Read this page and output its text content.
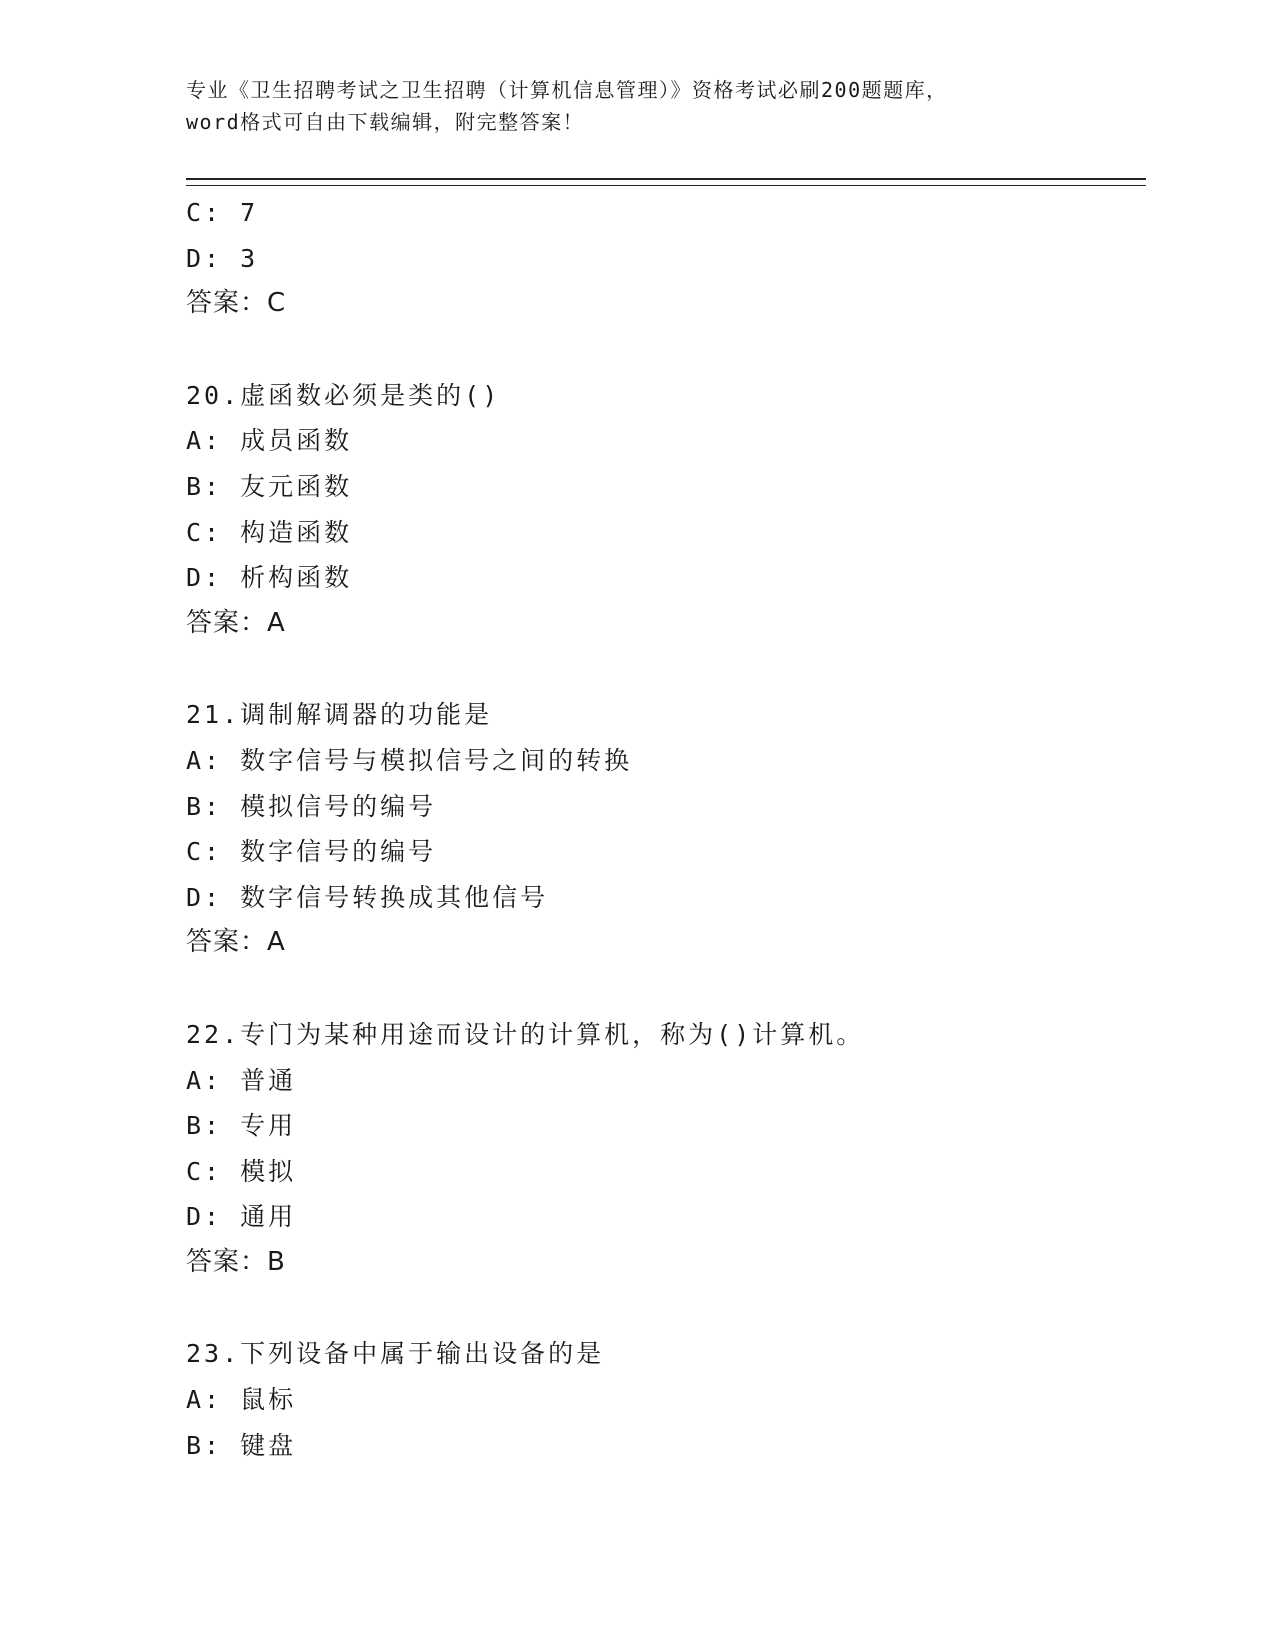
专业《卫生招聘考试之卫生招聘（计算机信息管理）》资格考试必刷200题题库，
word格式可自由下载编辑，附完整答案！
C: 7
D: 3
答案：C
20.虚函数必须是类的()
A: 成员函数
B: 友元函数
C: 构造函数
D: 析构函数
答案：A
21.调制解调器的功能是
A: 数字信号与模拟信号之间的转换
B: 模拟信号的编号
C: 数字信号的编号
D: 数字信号转换成其他信号
答案：A
22.专门为某种用途而设计的计算机，称为()计算机。
A: 普通
B: 专用
C: 模拟
D: 通用
答案：B
23.下列设备中属于输出设备的是
A: 鼠标
B: 键盘
